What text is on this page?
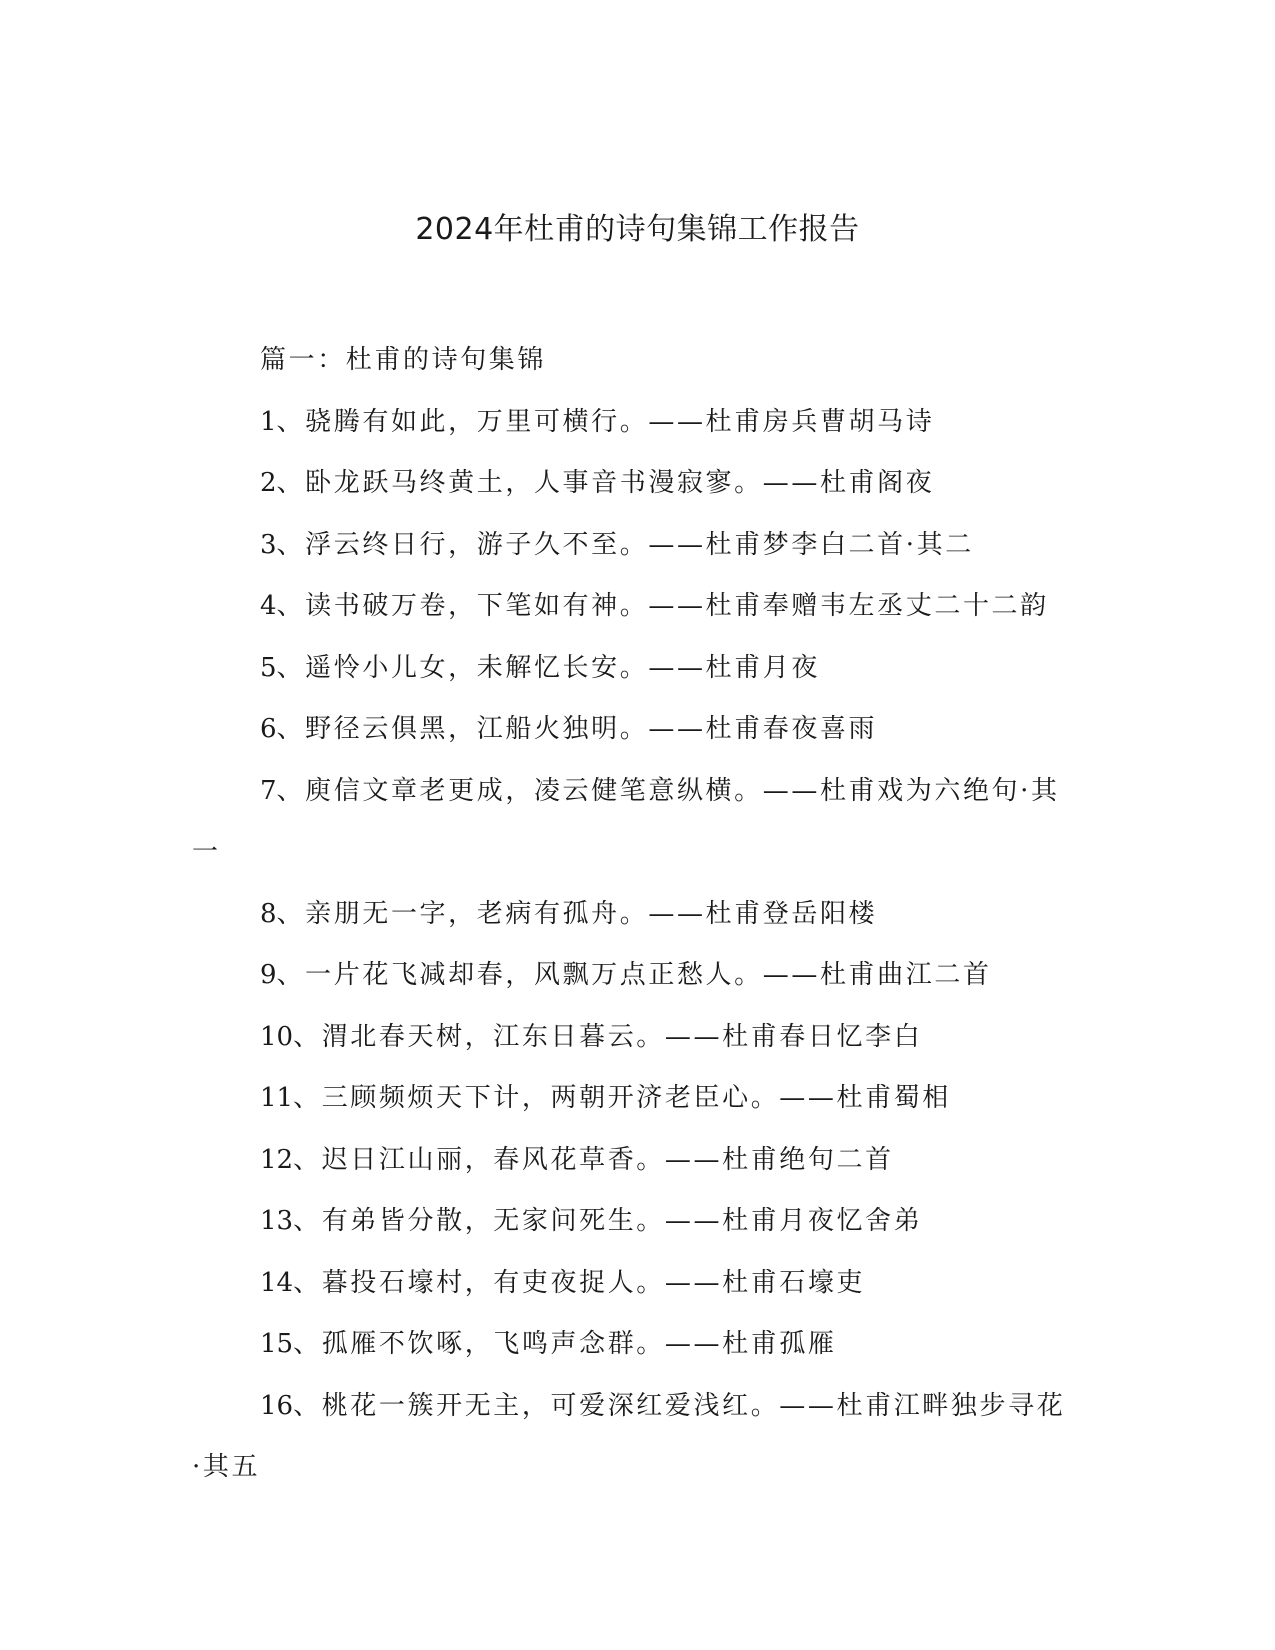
2024年杜甫的诗句集锦工作报告

篇一：杜甫的诗句集锦

1、骁腾有如此，万里可横行。——杜甫房兵曹胡马诗

2、卧龙跃马终黄土，人事音书漫寂寥。——杜甫阁夜

3、浮云终日行，游子久不至。——杜甫梦李白二首·其二

4、读书破万卷，下笔如有神。——杜甫奉赠韦左丞丈二十二韵

5、遥怜小儿女，未解忆长安。——杜甫月夜

6、野径云俱黑，江船火独明。——杜甫春夜喜雨

7、庾信文章老更成，凌云健笔意纵横。——杜甫戏为六绝句·其一

8、亲朋无一字，老病有孤舟。——杜甫登岳阳楼

9、一片花飞减却春，风飘万点正愁人。——杜甫曲江二首

10、渭北春天树，江东日暮云。——杜甫春日忆李白

11、三顾频烦天下计，两朝开济老臣心。——杜甫蜀相

12、迟日江山丽，春风花草香。——杜甫绝句二首

13、有弟皆分散，无家问死生。——杜甫月夜忆舍弟

14、暮投石壕村，有吏夜捉人。——杜甫石壕吏

15、孤雁不饮啄，飞鸣声念群。——杜甫孤雁

16、桃花一簇开无主，可爱深红爱浅红。——杜甫江畔独步寻花·其五
